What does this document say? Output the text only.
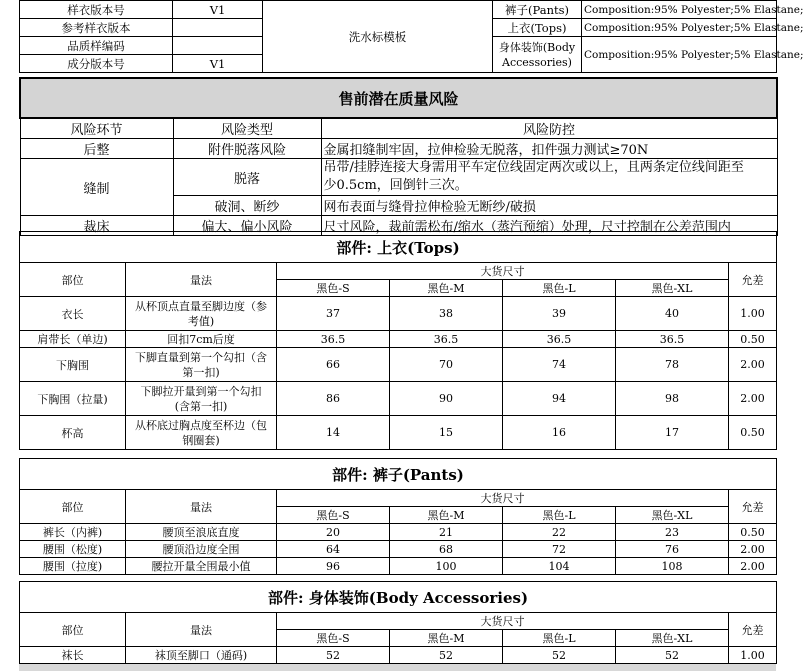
样衣版本号	V1	洗水标模板	裤子(Pants)	Composition:95% Polyester;5% Elastane;
参考样衣版本			上衣(Tops)	Composition:95% Polyester;5% Elastane;
品质样编码			身体装饰(Body
Accessories)	Composition:95% Polyester;5% Elastane;
成分版本号	V1			
售前潜在质量风险		
风险环节	风险类型	风险防控
后整	附件脱落风险	金属扣缝制牢固，拉伸检验无脱落，扣件强力测试≥70N
缝制	脱落	吊带/挂脖连接大身需用平车定位线固定两次或以上，且两条定位线间距至
少0.5cm，回倒针三次。
	破洞、断纱	网布表面与缝骨拉伸检验无断纱/破损
裁床	偏大、偏小风险	尺寸风险，裁前需松布/缩水（蒸汽预缩）处理，尺寸控制在公差范围内
部件: 上衣(Tops)						
部位	量法	大货尺寸				允差
		黑色-S	黑色-M	黑色-L	黑色-XL	
衣长	从杯顶点直量至脚边度（参
考值)	37	38	39	40	1.00
肩带长（单边)	回扣7cm后度	36.5	36.5	36.5	36.5	0.50
下胸围	下脚直量到第一个勾扣（含
第一扣)	66	70	74	78	2.00
下胸围（拉量)	下脚拉开量到第一个勾扣
(含第一扣)	86	90	94	98	2.00
杯高	从杯底过胸点度至杯边（包
钢圈套)	14	15	16	17	0.50
部件: 裤子(Pants)						
部位	量法	大货尺寸				允差
		黑色-S	黑色-M	黑色-L	黑色-XL	
裤长（内裤)	腰顶至浪底直度	20	21	22	23	0.50
腰围（松度)	腰顶沿边度全围	64	68	72	76	2.00
腰围（拉度)	腰拉开量全围最小值	96	100	104	108	2.00
部件: 身体装饰(Body Accessories)						
部位	量法	大货尺寸				允差
		黑色-S	黑色-M	黑色-L	黑色-XL	
袜长	袜顶至脚口（通码)	52	52	52	52	1.00
